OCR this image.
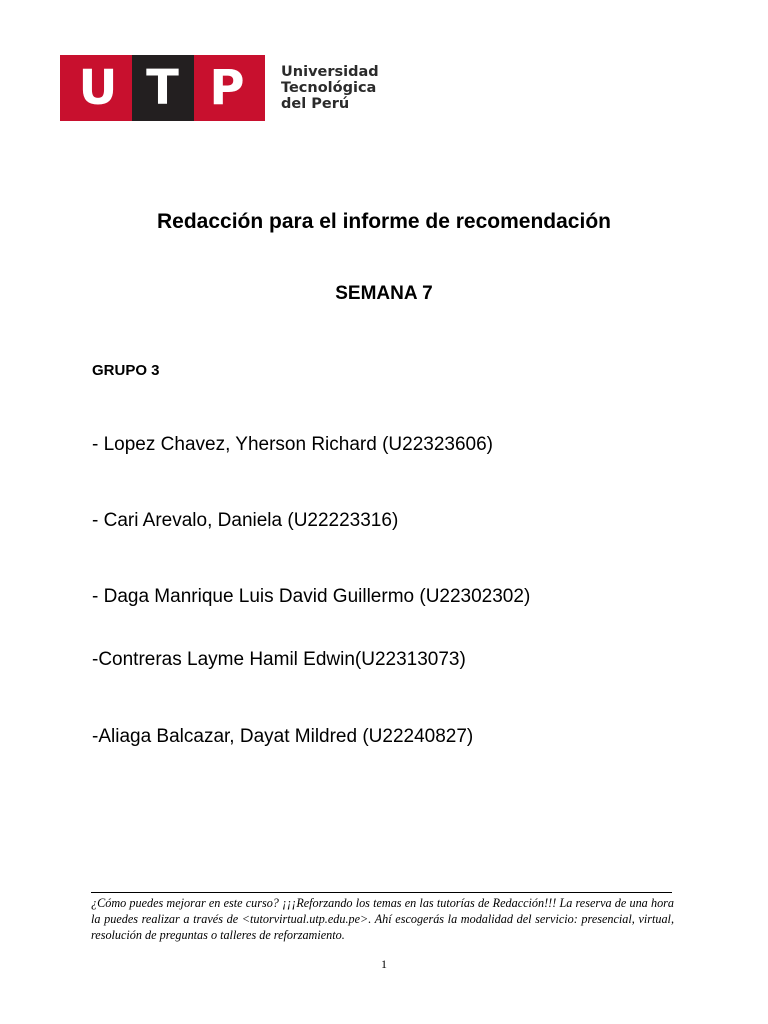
U T P	Universidad
Tecnológica
del Perú
Redacción para el informe de recomendación
SEMANA 7
GRUPO 3
- Lopez Chavez, Yherson Richard (U22323606)
- Cari Arevalo, Daniela (U22223316)
- Daga Manrique Luis David Guillermo (U22302302)
-Contreras Layme Hamil Edwin(U22313073)
-Aliaga Balcazar, Dayat Mildred (U22240827)
¿Cómo puedes mejorar en este curso? ¡¡¡Reforzando los temas en las tutorías de Redacción!!! La reserva de una hora la puedes realizar a través de <tutorvirtual.utp.edu.pe>. Ahí escogerás la modalidad del servicio: presencial, virtual, resolución de preguntas o talleres de reforzamiento.
1
